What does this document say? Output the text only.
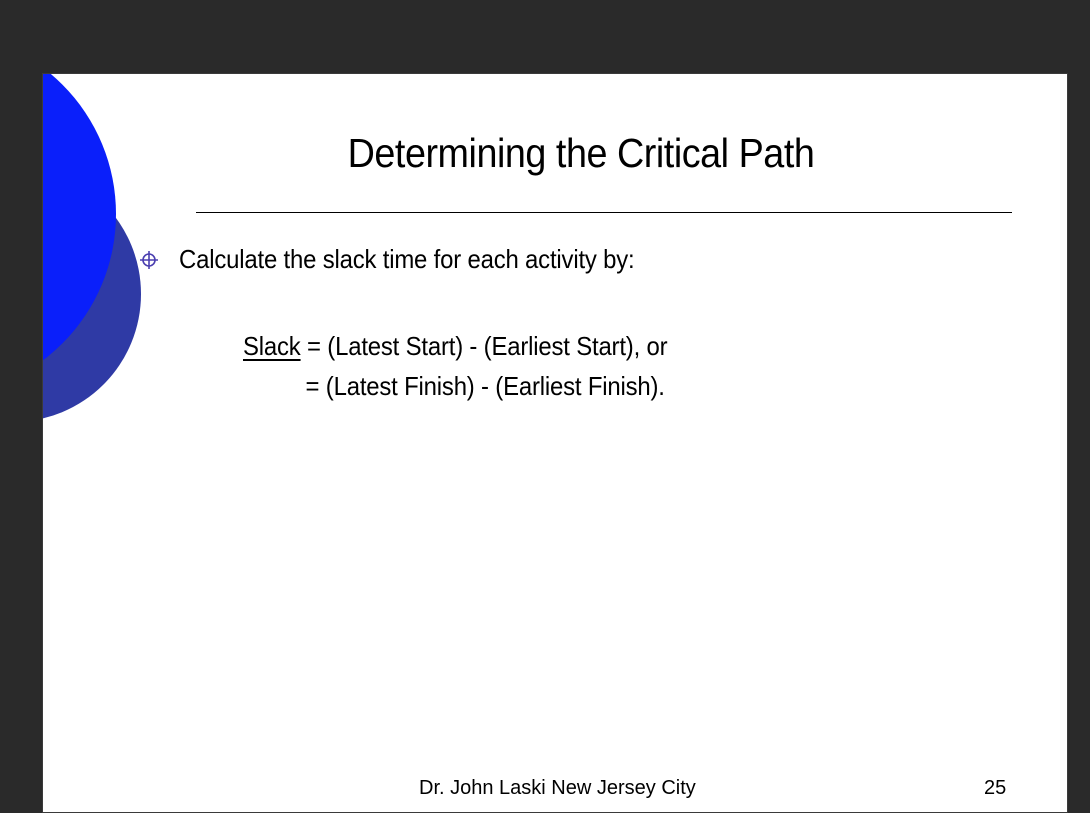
Determining the Critical Path
Calculate the slack time for each activity by:
Slack = (Latest Start) - (Earliest Start), or
= (Latest Finish) - (Earliest Finish).
Dr. John Laski New Jersey City	25
